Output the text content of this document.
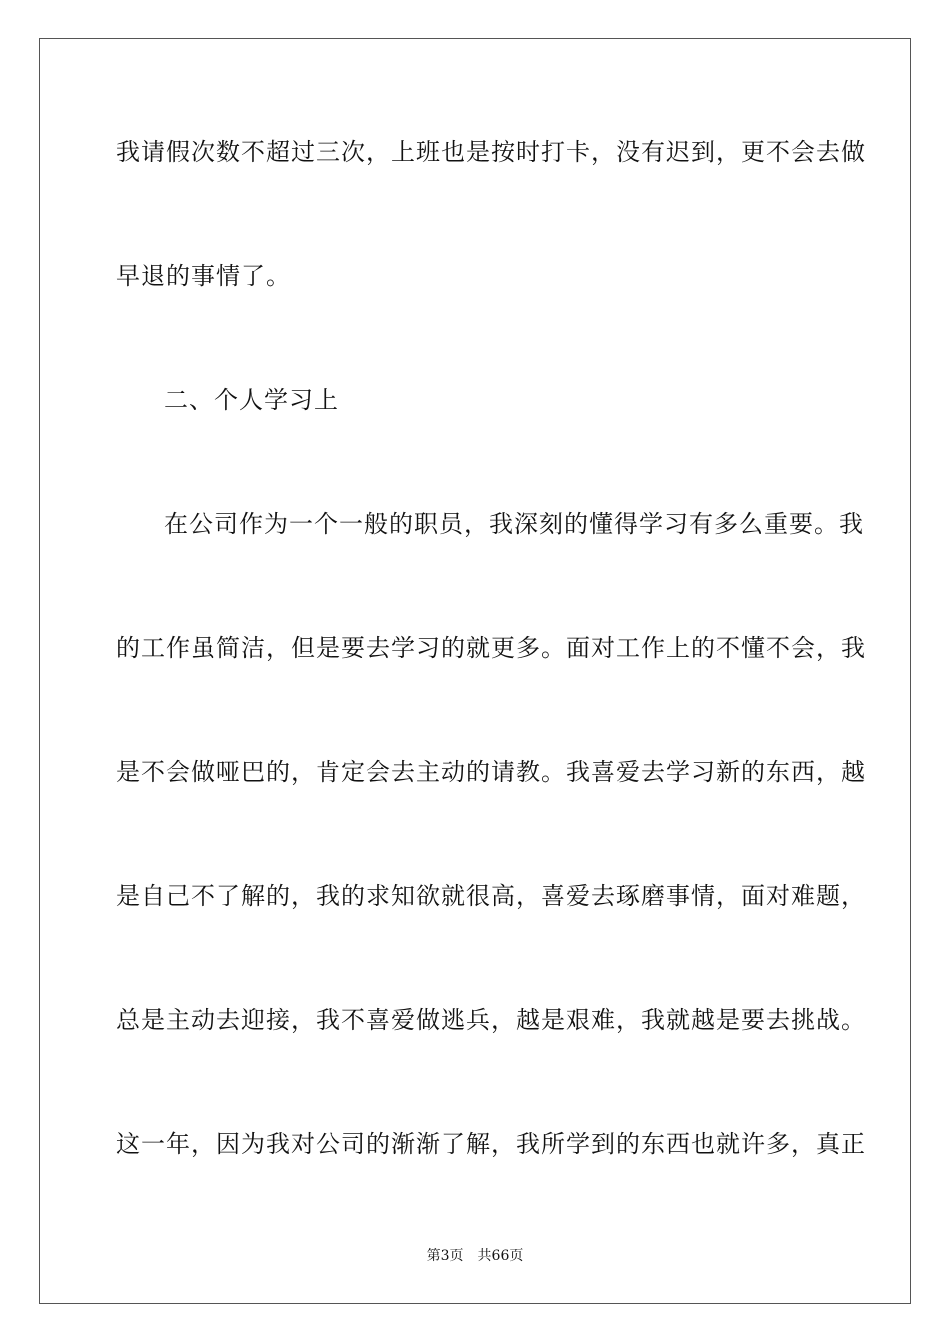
我请假次数不超过三次，上班也是按时打卡，没有迟到，更不会去做
早退的事情了。
二、个人学习上
在公司作为一个一般的职员，我深刻的懂得学习有多么重要。我
的工作虽简洁，但是要去学习的就更多。面对工作上的不懂不会，我
是不会做哑巴的，肯定会去主动的请教。我喜爱去学习新的东西，越
是自己不了解的，我的求知欲就很高，喜爱去琢磨事情，面对难题，
总是主动去迎接，我不喜爱做逃兵，越是艰难，我就越是要去挑战。
这一年，因为我对公司的渐渐了解，我所学到的东西也就许多，真正
第3页 共66页
